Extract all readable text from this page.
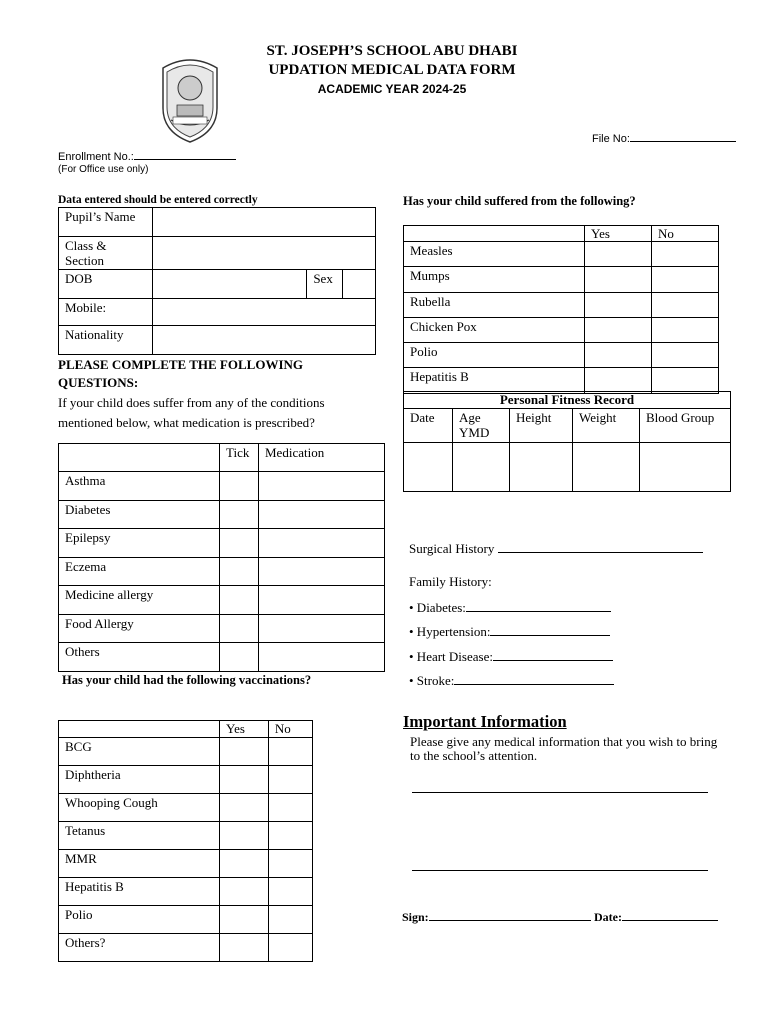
ST. JOSEPH’S SCHOOL ABU DHABI
UPDATION MEDICAL DATA FORM
ACADEMIC YEAR 2024-25
File No:
Enrollment No.:
(For Office use only)
Data entered should be entered correctly
Pupil’s Name			
Class & Section			
DOB		Sex	
Mobile:			
Nationality			
PLEASE COMPLETE THE FOLLOWING QUESTIONS:
If your child does suffer from any of the conditions mentioned below, what medication is prescribed?
	Tick	Medication
Asthma		
Diabetes		
Epilepsy		
Eczema		
Medicine allergy		
Food Allergy		
Others		
Has your child had the following vaccinations?
	Yes	No
BCG		
Diphtheria		
Whooping Cough		
Tetanus		
MMR		
Hepatitis B		
Polio		
Others?		
Has your child suffered from the following?
	Yes	No
Measles		
Mumps		
Rubella		
Chicken Pox		
Polio		
Hepatitis B		
Personal Fitness Record				
Date	Age YMD	Height	Weight	Blood Group

Surgical History
Family History:
• Diabetes:
• Hypertension:
• Heart Disease:
• Stroke:
Important Information
Please give any medical information that you wish to bring to the school’s attention.
Sign:	Date:
